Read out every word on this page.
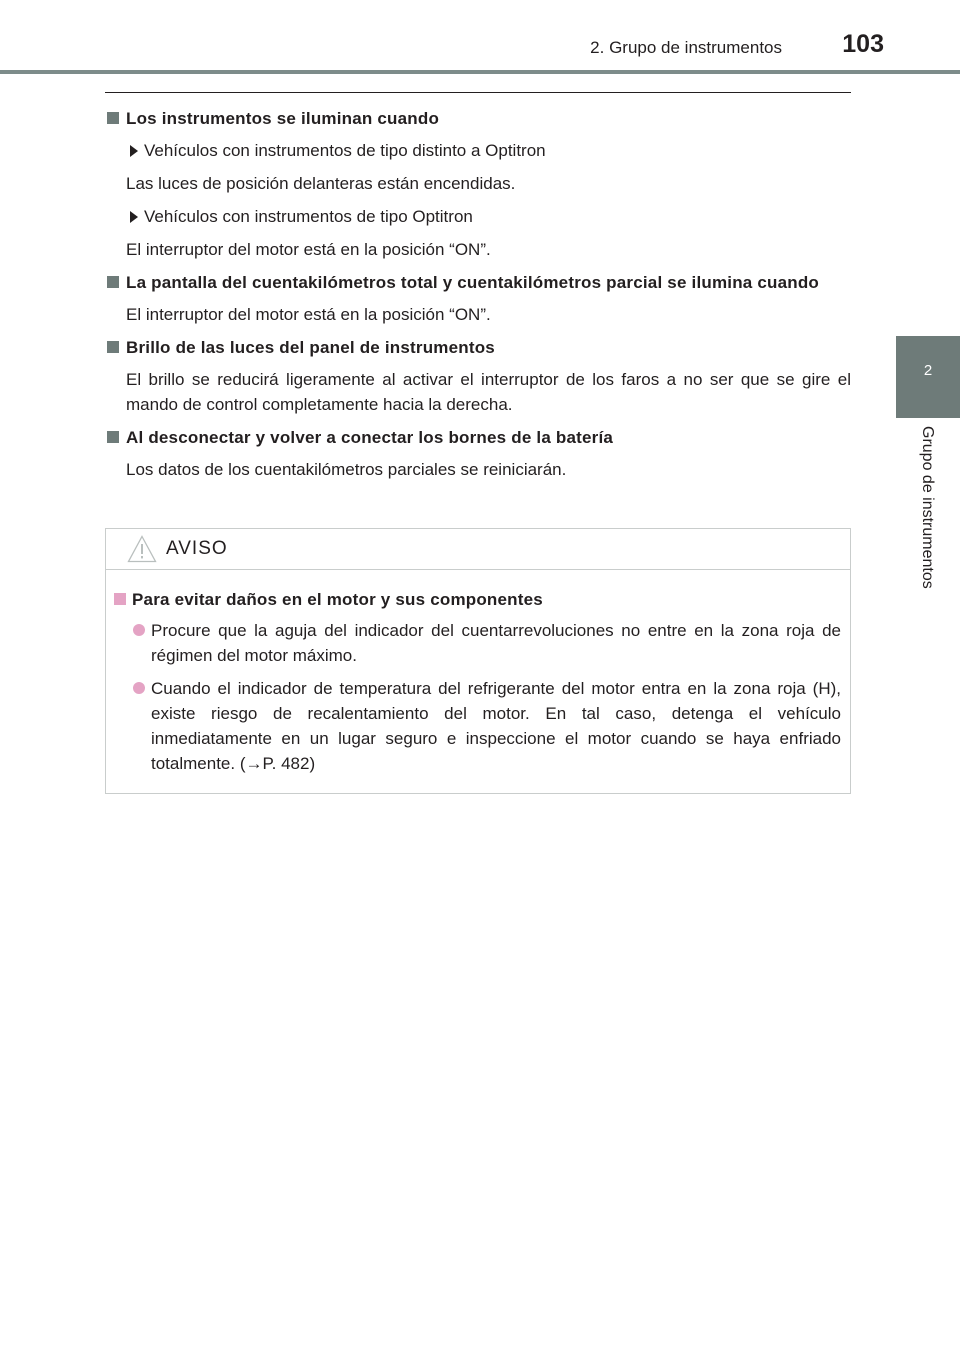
2. Grupo de instrumentos 103
2
Grupo de instrumentos
Los instrumentos se iluminan cuando
Vehículos con instrumentos de tipo distinto a Optitron
Las luces de posición delanteras están encendidas.
Vehículos con instrumentos de tipo Optitron
El interruptor del motor está en la posición “ON”.
La pantalla del cuentakilómetros total y cuentakilómetros parcial se ilumina cuando
El interruptor del motor está en la posición “ON”.
Brillo de las luces del panel de instrumentos
El brillo se reducirá ligeramente al activar el interruptor de los faros a no ser que se gire el mando de control completamente hacia la derecha.
Al desconectar y volver a conectar los bornes de la batería
Los datos de los cuentakilómetros parciales se reiniciarán.
AVISO
Para evitar daños en el motor y sus componentes
Procure que la aguja del indicador del cuentarrevoluciones no entre en la zona roja de régimen del motor máximo.
Cuando el indicador de temperatura del refrigerante del motor entra en la zona roja (H), existe riesgo de recalentamiento del motor. En tal caso, detenga el vehículo inmediatamente en un lugar seguro e inspeccione el motor cuando se haya enfriado totalmente. (→P. 482)
